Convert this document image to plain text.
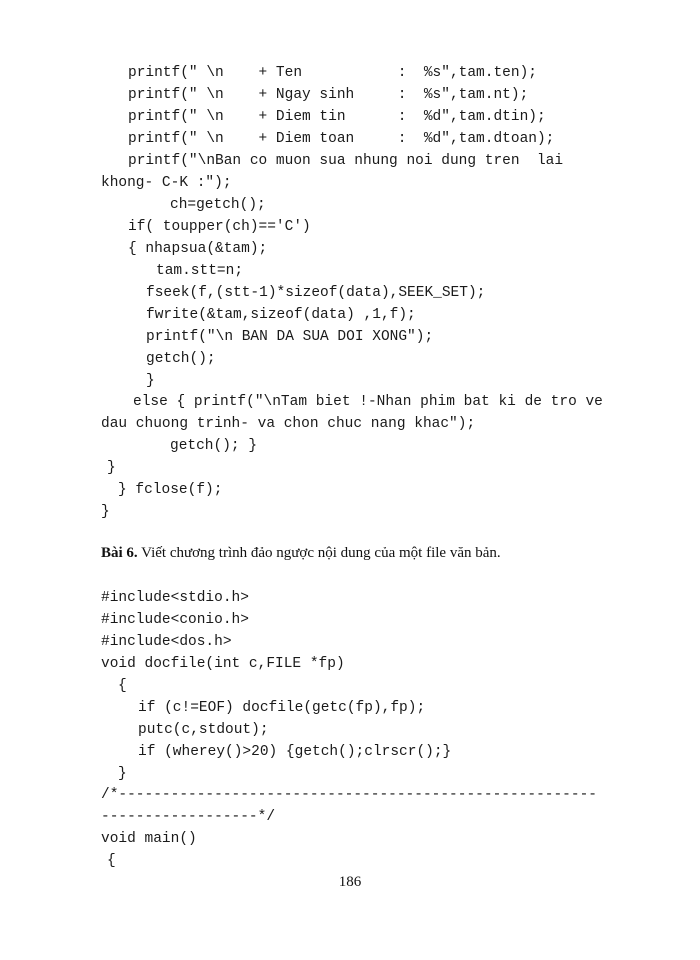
printf(" \n    + Ten           :  %s",tam.ten);
printf(" \n    + Ngay sinh     :  %s",tam.nt);
printf(" \n    + Diem tin      :  %d",tam.dtin);
printf(" \n    + Diem toan     :  %d",tam.dtoan);
printf("\nBan co muon sua nhung noi dung tren  lai
khong- C-K :");
ch=getch();
if( toupper(ch)=='C')
{ nhapsua(&tam);
tam.stt=n;
fseek(f,(stt-1)*sizeof(data),SEEK_SET);
fwrite(&tam,sizeof(data) ,1,f);
printf("\n BAN DA SUA DOI XONG");
getch();
}
else { printf("\nTam biet !-Nhan phim bat ki de tro ve
dau chuong trinh- va chon chuc nang khac");
getch(); }
}
} fclose(f);
}
Bài 6. Viết chương trình đảo ngược nội dung của một file văn bản.
#include<stdio.h>
#include<conio.h>
#include<dos.h>
void docfile(int c,FILE *fp)
{
if (c!=EOF) docfile(getc(fp),fp);
putc(c,stdout);
if (wherey()>20) {getch();clrscr();}
}
/*-------------------------------------------------------
------------------*/
void main()
{
186
